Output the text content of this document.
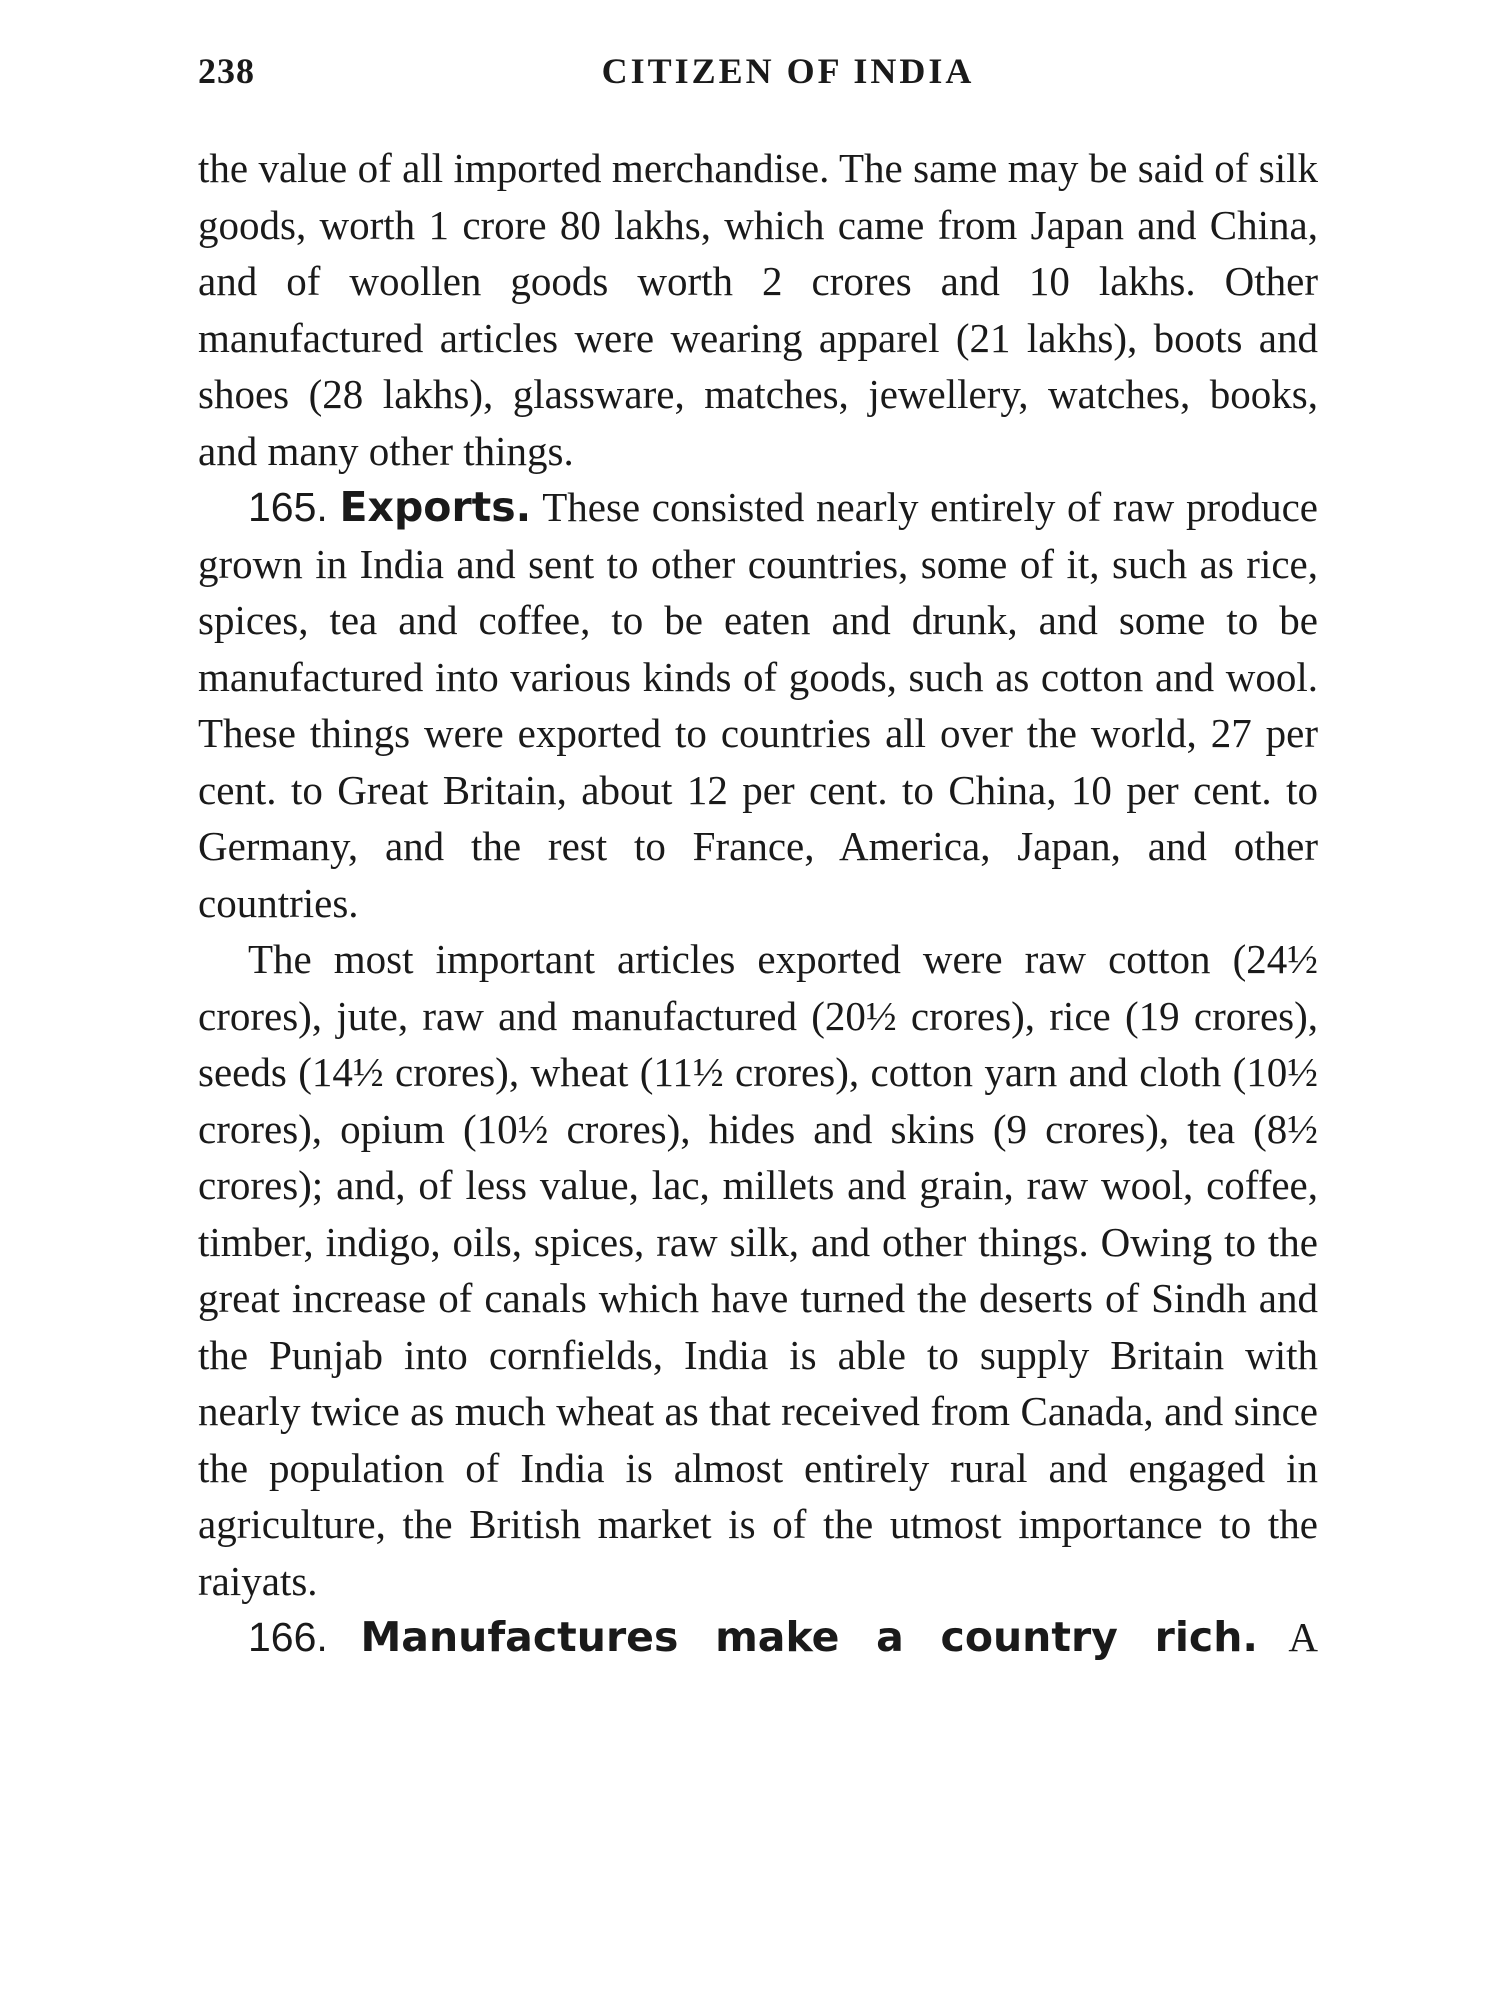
238	CITIZEN OF INDIA

the value of all imported merchandise. The same may be said of silk goods, worth 1 crore 80 lakhs, which came from Japan and China, and of woollen goods worth 2 crores and 10 lakhs. Other manufactured articles were wearing apparel (21 lakhs), boots and shoes (28 lakhs), glassware, matches, jewellery, watches, books, and many other things.

165. Exports. These consisted nearly entirely of raw produce grown in India and sent to other countries, some of it, such as rice, spices, tea and coffee, to be eaten and drunk, and some to be manufactured into various kinds of goods, such as cotton and wool. These things were exported to countries all over the world, 27 per cent. to Great Britain, about 12 per cent. to China, 10 per cent. to Germany, and the rest to France, America, Japan, and other countries.

The most important articles exported were raw cotton (24½ crores), jute, raw and manufactured (20½ crores), rice (19 crores), seeds (14½ crores), wheat (11½ crores), cotton yarn and cloth (10½ crores), opium (10½ crores), hides and skins (9 crores), tea (8½ crores); and, of less value, lac, millets and grain, raw wool, coffee, timber, indigo, oils, spices, raw silk, and other things. Owing to the great increase of canals which have turned the deserts of Sindh and the Punjab into cornfields, India is able to supply Britain with nearly twice as much wheat as that received from Canada, and since the population of India is almost entirely rural and engaged in agriculture, the British market is of the utmost importance to the raiyats.

166. Manufactures make a country rich. A
